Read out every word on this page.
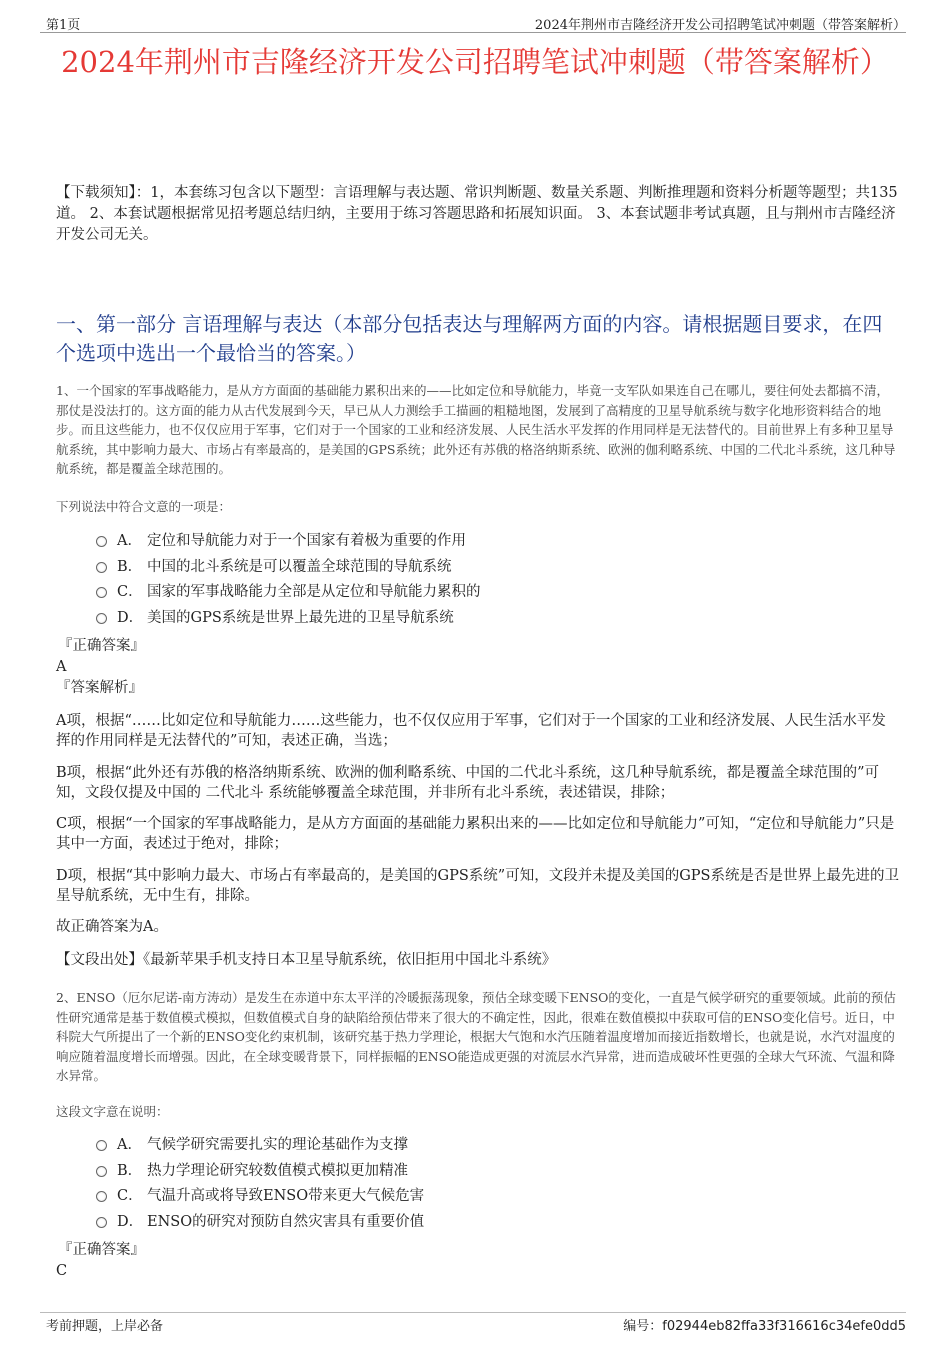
第1页	2024年荆州市吉隆经济开发公司招聘笔试冲刺题（带答案解析）
2024年荆州市吉隆经济开发公司招聘笔试冲刺题（带答案解析）
【下载须知】：1，本套练习包含以下题型：言语理解与表达题、常识判断题、数量关系题、判断推理题和资料分析题等题型；共135道。 2、本套试题根据常见招考题总结归纳，主要用于练习答题思路和拓展知识面。 3、本套试题非考试真题，且与荆州市吉隆经济开发公司无关。
一、第一部分 言语理解与表达（本部分包括表达与理解两方面的内容。请根据题目要求，在四个选项中选出一个最恰当的答案。）

1、一个国家的军事战略能力，是从方方面面的基础能力累积出来的——比如定位和导航能力，毕竟一支军队如果连自己在哪儿，要往何处去都搞不清，那仗是没法打的。这方面的能力从古代发展到今天，早已从人力测绘手工描画的粗糙地图，发展到了高精度的卫星导航系统与数字化地形资料结合的地步。而且这些能力，也不仅仅应用于军事，它们对于一个国家的工业和经济发展、人民生活水平发挥的作用同样是无法替代的。目前世界上有多种卫星导航系统，其中影响力最大、市场占有率最高的，是美国的GPS系统；此外还有苏俄的格洛纳斯系统、欧洲的伽利略系统、中国的二代北斗系统，这几种导航系统，都是覆盖全球范围的。

下列说法中符合文意的一项是：

A． 定位和导航能力对于一个国家有着极为重要的作用
B． 中国的北斗系统是可以覆盖全球范围的导航系统
C． 国家的军事战略能力全部是从定位和导航能力累积的
D． 美国的GPS系统是世界上最先进的卫星导航系统

『正确答案』

A

『答案解析』

A项，根据“……比如定位和导航能力……这些能力，也不仅仅应用于军事，它们对于一个国家的工业和经济发展、人民生活水平发挥的作用同样是无法替代的”可知，表述正确，当选；

B项，根据“此外还有苏俄的格洛纳斯系统、欧洲的伽利略系统、中国的二代北斗系统，这几种导航系统，都是覆盖全球范围的”可知，文段仅提及中国的 二代北斗 系统能够覆盖全球范围，并非所有北斗系统，表述错误，排除；

C项，根据“一个国家的军事战略能力，是从方方面面的基础能力累积出来的——比如定位和导航能力”可知，“定位和导航能力”只是其中一方面，表述过于绝对，排除；

D项，根据“其中影响力最大、市场占有率最高的，是美国的GPS系统”可知，文段并未提及美国的GPS系统是否是世界上最先进的卫星导航系统，无中生有，排除。

故正确答案为A。

【文段出处】《最新苹果手机支持日本卫星导航系统，依旧拒用中国北斗系统》

2、ENSO（厄尔尼诺-南方涛动）是发生在赤道中东太平洋的冷暖振荡现象，预估全球变暖下ENSO的变化，一直是气候学研究的重要领域。此前的预估性研究通常是基于数值模式模拟，但数值模式自身的缺陷给预估带来了很大的不确定性，因此，很难在数值模拟中获取可信的ENSO变化信号。近日，中科院大气所提出了一个新的ENSO变化约束机制，该研究基于热力学理论，根据大气饱和水汽压随着温度增加而接近指数增长，也就是说，水汽对温度的响应随着温度增长而增强。因此，在全球变暖背景下，同样振幅的ENSO能造成更强的对流层水汽异常，进而造成破坏性更强的全球大气环流、气温和降水异常。

这段文字意在说明：

A． 气候学研究需要扎实的理论基础作为支撑
B． 热力学理论研究较数值模式模拟更加精准
C． 气温升高或将导致ENSO带来更大气候危害
D． ENSO的研究对预防自然灾害具有重要价值

『正确答案』

C

考前押题，上岸必备	编号：f02944eb82ffa33f316616c34efe0dd5
